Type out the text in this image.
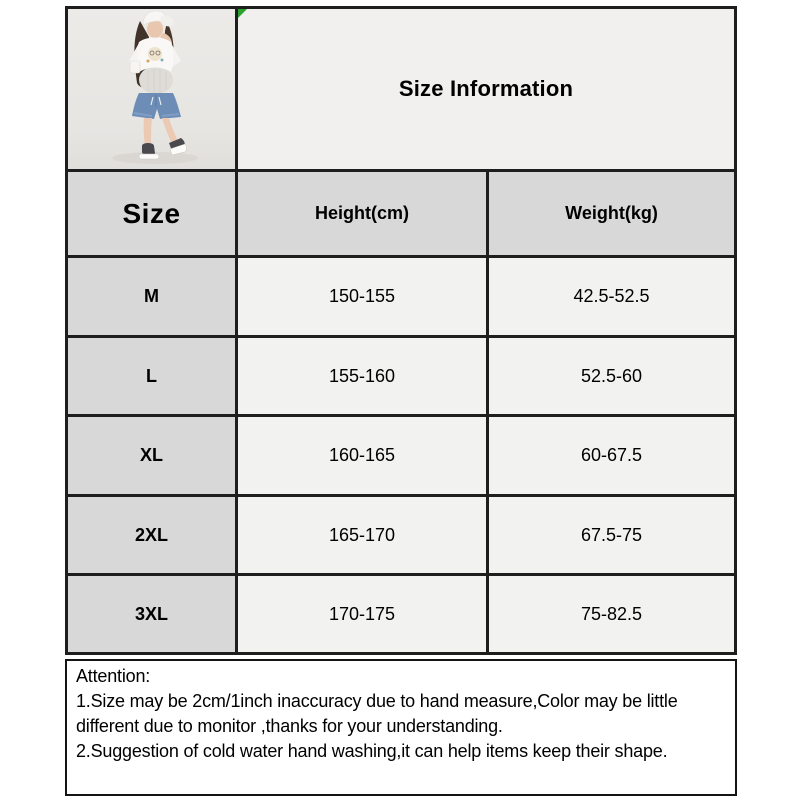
Size Information
Size	Height(cm)	Weight(kg)
M	150-155	42.5-52.5
L	155-160	52.5-60
XL	160-165	60-67.5
2XL	165-170	67.5-75
3XL	170-175	75-82.5
Attention:
1.Size may be 2cm/1inch inaccuracy due to hand measure,Color may be little
different due to monitor ,thanks for your understanding.
2.Suggestion of cold water hand washing,it can help items keep their shape.
